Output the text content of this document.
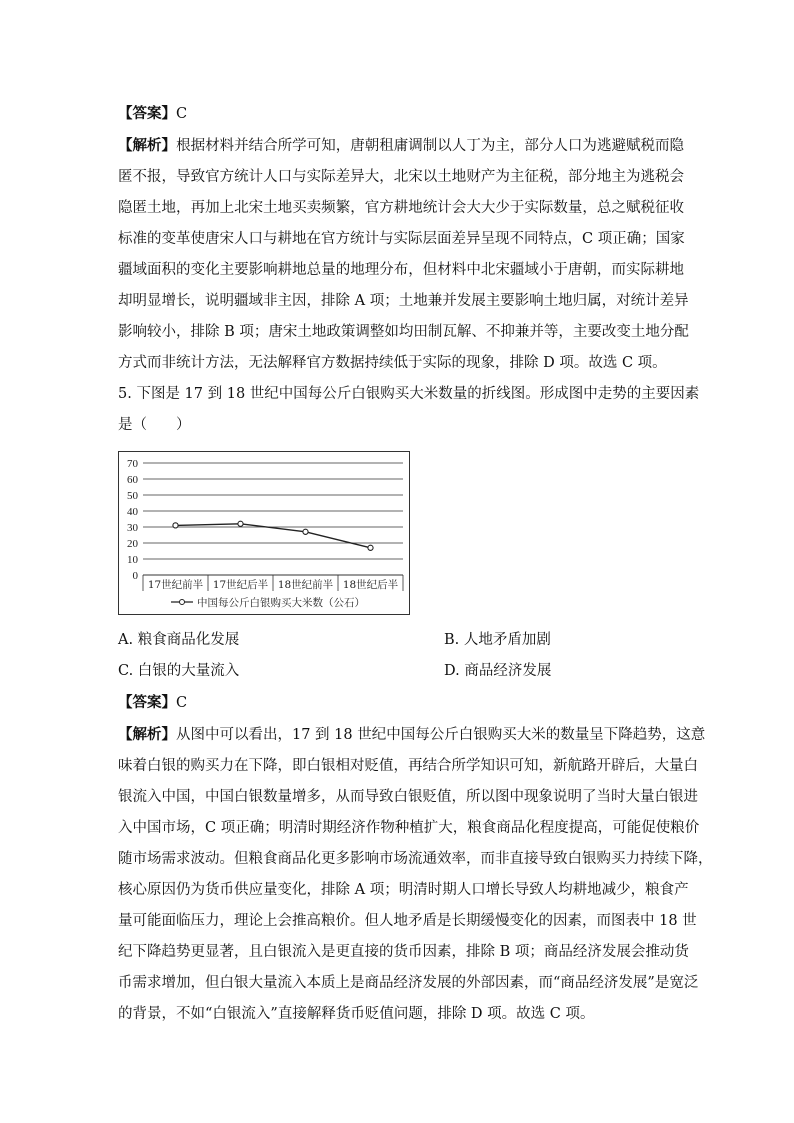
【答案】C
【解析】根据材料并结合所学可知，唐朝租庸调制以人丁为主，部分人口为逃避赋税而隐
匿不报，导致官方统计人口与实际差异大，北宋以土地财产为主征税，部分地主为逃税会
隐匿土地，再加上北宋土地买卖频繁，官方耕地统计会大大少于实际数量，总之赋税征收
标准的变革使唐宋人口与耕地在官方统计与实际层面差异呈现不同特点，C 项正确；国家
疆域面积的变化主要影响耕地总量的地理分布，但材料中北宋疆域小于唐朝，而实际耕地
却明显增长，说明疆域非主因，排除 A 项；土地兼并发展主要影响土地归属，对统计差异
影响较小，排除 B 项；唐宋土地政策调整如均田制瓦解、不抑兼并等，主要改变土地分配
方式而非统计方法，无法解释官方数据持续低于实际的现象，排除 D 项。故选 C 项。
5. 下图是 17 到 18 世纪中国每公斤白银购买大米数量的折线图。形成图中走势的主要因素
是（　　）
70
60
50
40
30
20
10
0
17世纪前半 17世纪后半 18世纪前半 18世纪后半
中国每公斤白银购买大米数（公石）
A. 粮食商品化发展	B. 人地矛盾加剧
C. 白银的大量流入	D. 商品经济发展
【答案】C
【解析】从图中可以看出，17 到 18 世纪中国每公斤白银购买大米的数量呈下降趋势，这意
味着白银的购买力在下降，即白银相对贬值，再结合所学知识可知，新航路开辟后，大量白
银流入中国，中国白银数量增多，从而导致白银贬值，所以图中现象说明了当时大量白银进
入中国市场，C 项正确；明清时期经济作物种植扩大，粮食商品化程度提高，可能促使粮价
随市场需求波动。但粮食商品化更多影响市场流通效率，而非直接导致白银购买力持续下降，
核心原因仍为货币供应量变化，排除 A 项；明清时期人口增长导致人均耕地减少，粮食产
量可能面临压力，理论上会推高粮价。但人地矛盾是长期缓慢变化的因素，而图表中 18 世
纪下降趋势更显著，且白银流入是更直接的货币因素，排除 B 项；商品经济发展会推动货
币需求增加，但白银大量流入本质上是商品经济发展的外部因素，而“商品经济发展”是宽泛
的背景，不如“白银流入”直接解释货币贬值问题，排除 D 项。故选 C 项。
